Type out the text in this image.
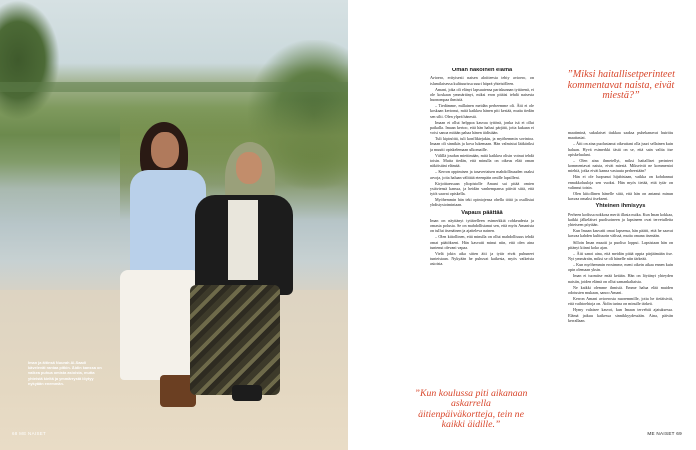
Iman ja äitinsä Nuurah Al-Saadi kävelevät rantaa pitkin. Äidin kanssa on vaikea puhua omista asioista, mutta yhteistä kieltä ja ymmärrystä löytyy nykyään enemmän.
68 ME NAISET
Oman näköinen elämä

Avioero, erityisesti naisen aloitteesta tehty avioero, on islamilaisessa kulttuurissa suuri häpeä yhteisölleen.

Amani, joka oli elänyt lapsuutensa pariskunnan tyttärenä, ei ole koskaan ymmärtänyt, miksi eron pitäisi tehdä naisesta huonompaa ihmistä.

– Tiedämme, millainen meidän perheemme oli. Äiti ei ole koskaan kertonut, mitä kaikkea hänen piti kestää, mutta tiedän sen silti. Olen ylpeä hänestä.

Imaan ei ollut helppoa kasvaa tyttönä, jonka isä ei ollut paikalla. Imaan kertoo, että hän halusi pärjätä, jotta kukaan ei voisi sanoa mitään pahaa hänen äidistään.

Tuli kipinöitä, tuli konfliktejakin, ja myöhemmin sovintoa. Imaan oli sinnikäs ja kova lukemaan. Hän valmistui lääkäriksi ja muutti opiskelemaan ulkomaille.

Välillä joudun miettimään, mitä kaikkea olisin voinut tehdä toisin. Mutta tiedän, että minulla on oikeus elää oman näköistäni elämää.

– Kerron oppimisen ja tasavertaisen mahdollisuuden osaksi arvoja, joita haluan välittää eteenpäin omille lapsilleni.

Kirjoittaessaan yliopistolle Amani sai pitää omien ystäviensä kanssa, ja heidän vanhempansa pitivät siitä, että tytöt saavat opiskella.

Myöhemmin hän teki opintojensa ohella töitä ja osallistui yhdistystoimintaan.

Vapaus päättää

Iman on näyttänyt tyttärelleen esimerkkiä rohkeudesta ja omasta polusta. Se on mahdollistanut sen, että myös Amanista on tullut itsenäinen ja ajatteleva nainen.

– Olen kiitollinen, että minulla on ollut mahdollisuus tehdä omat päätökseni. Hän kasvatti minut niin, että olen aina tuntenut olevani vapaa.

Vielä jokin aika sitten äiti ja tytär eivät puhuneet tunteistaan. Nykyään he puhuvat kaikesta, myös vaikeista asioista.

”Miksi haitallisetperinteet kommentavat naista, eivät miestä?”

maatiminä, sukulaiset tiukkaa saaksa puhekanavat huirittu maattasiat.

– Äiti on aina puolustanut oikeuttani olla juuri sellainen kuin haluan. Hyvä esimerkki tästä on se, että sain valita itse opiskelualani.

– Olen aina ihmetellyt, miksi haitalliset perinteet kommentavat naista, eivät miestä. Mikseivät ne kommentoi miehiä, jotka eivät kanna vastuuta perheestään?

Hän ei ole luopunut hijabistaan, vaikka on kohdannut ennakkoluuloja sen vuoksi. Hän myös tietää, että tytär on valinnut toisin.

Olen kiitollinen hänelle siitä, että hän on antanut minun kasvaa omaksi itsekseni.

Yhteinen ihmisyys

Perheen kodissa nokkosa meriä illasta nuika. Kun Iman kokkaa, kaikki jälkeläiset puolisoineen ja lapsineen ovat tervetulleita yhteiseen pöytään.

Kun Imaan kasvatti omat lapsensa, hän päätti, että he saavat kasvaa kahden kulttuurin välissä, mutta omana itsenään.

Silloin Iman muutti ja puoliso loppui. Lapsistaan hän on pitänyt kiinni koko ajan.

– Äiti sanoi aina, että meidän pitää oppia pärjäämään itse. Nyt ymmärrän, miksi se oli hänelle niin tärkeää.

– Kun myöhemmin erosimme, meni oikein aikaa ennen kuin opin olemaan yksin.

Iman ei tuomitse enää ketään. Hän on löytänyt yhteyden naisiin, joiden elämä on ollut samankaltaista.

Ne kaikki olemme ihmisiä. Emme halua elää muiden odotusten mukaan, sanoo Amani.

Kerron Amani avioerosta nuoremmille, jotta he tietäisivät, että vaihtoehtoja on. Äidin tarina on minulle tärkeä.

Hymy valaisee kasvot, kun Imaan tervehtii ajatuksessa. Elämä jatkuu kaikessa sinnikkyydessään. Aina, päivän kerrallaan.

”Kun koulussa piti aikanaan askarrella äitienpäiväkortteja, tein ne kaikki äidille.”
ME NAISET 69
